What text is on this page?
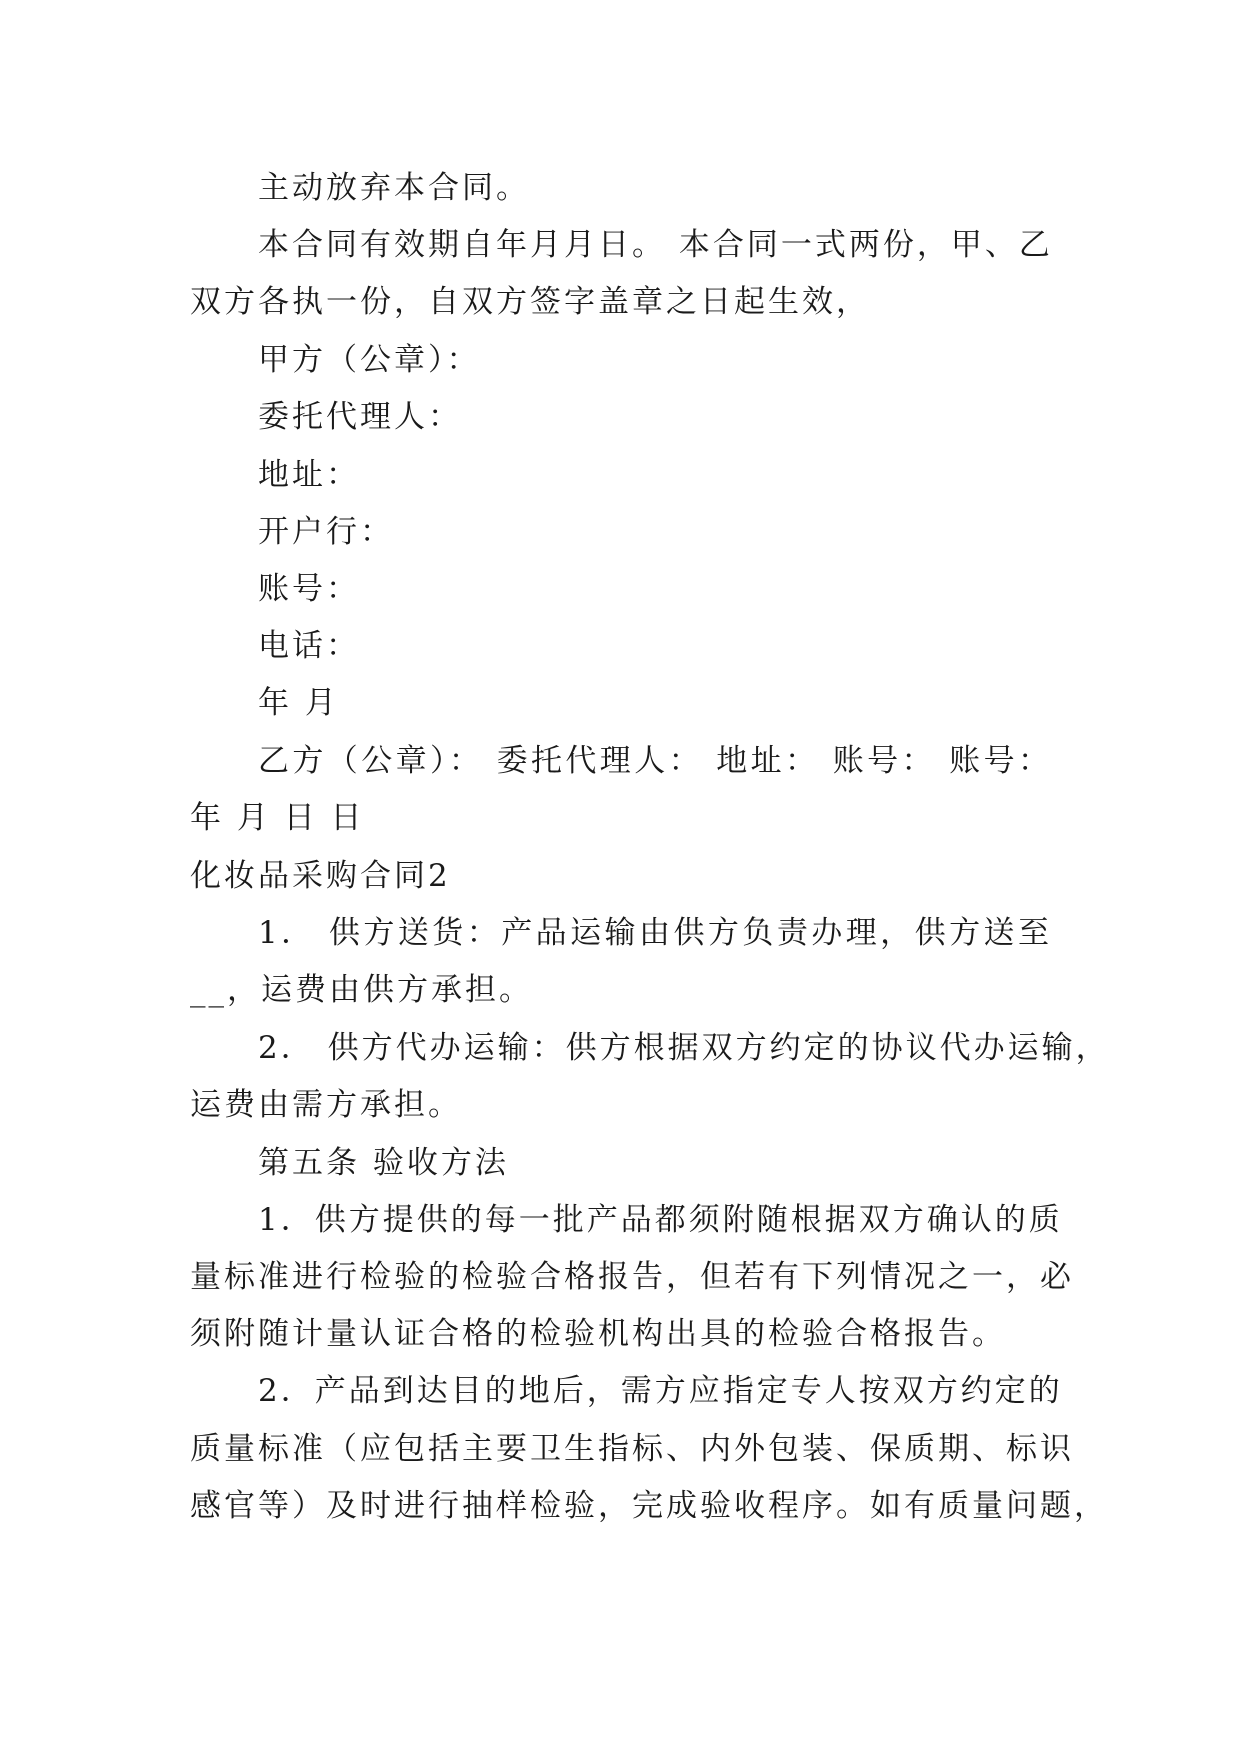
主动放弃本合同。
本合同有效期自年月月日。 本合同一式两份，甲、乙
双方各执一份，自双方签字盖章之日起生效，
甲方（公章）：
委托代理人：
地址：
开户行：
账号：
电话：
年 月
乙方（公章）： 委托代理人： 地址： 账号： 账号：
年 月 日 日
化妆品采购合同2
1． 供方送货：产品运输由供方负责办理，供方送至
__，运费由供方承担。
2． 供方代办运输：供方根据双方约定的协议代办运输，
运费由需方承担。
第五条 验收方法
1．供方提供的每一批产品都须附随根据双方确认的质
量标准进行检验的检验合格报告，但若有下列情况之一，必
须附随计量认证合格的检验机构出具的检验合格报告。
2．产品到达目的地后，需方应指定专人按双方约定的
质量标准（应包括主要卫生指标、内外包装、保质期、标识
感官等）及时进行抽样检验，完成验收程序。如有质量问题，
